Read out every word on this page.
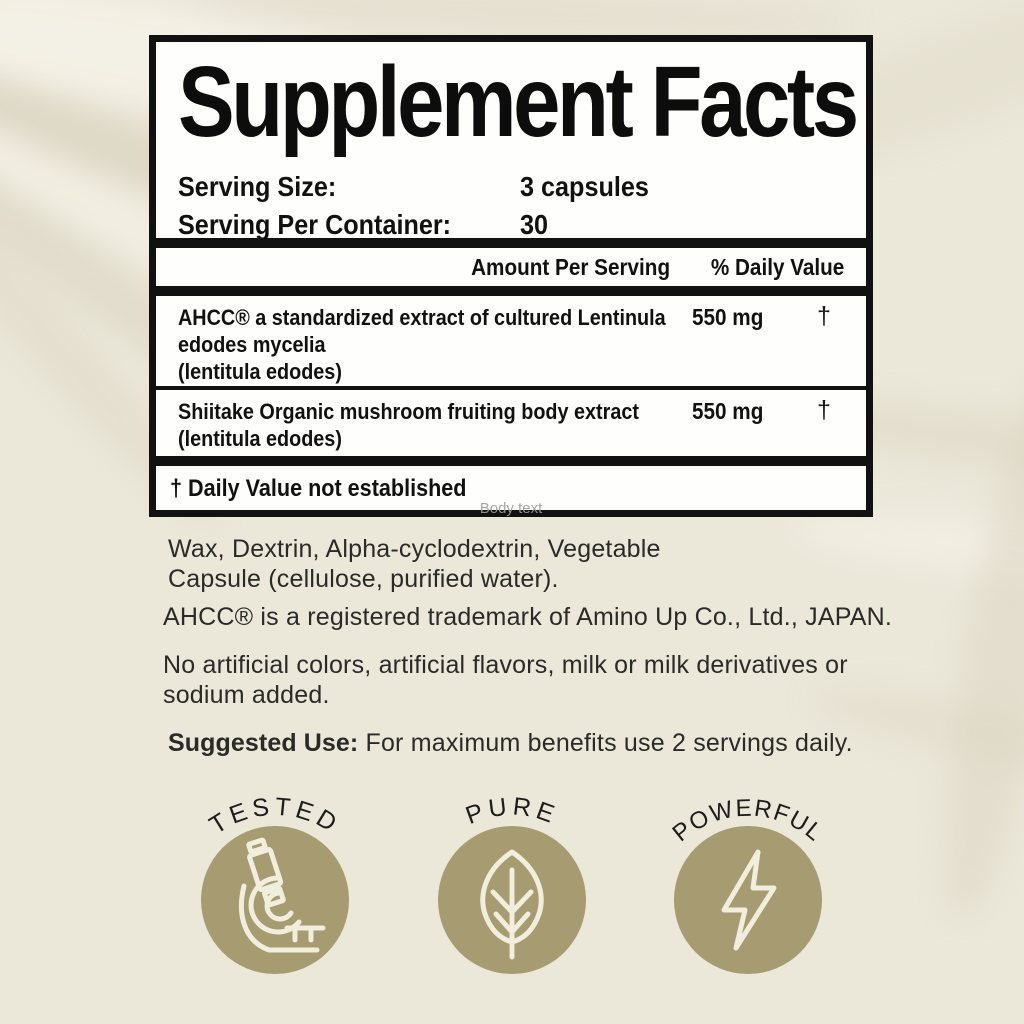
Supplement Facts
Serving Size:	3 capsules
Serving Per Container:	30
Amount Per Serving % Daily Value
AHCC® a standardized extract of cultured Lentinula
edodes mycelia
(lentitula edodes)
550 mg	†
Shiitake Organic mushroom fruiting body extract
(lentitula edodes)
550 mg	†
† Daily Value not established
Body text
Wax, Dextrin, Alpha-cyclodextrin, Vegetable
Capsule (cellulose, purified water).
AHCC® is a registered trademark of Amino Up Co., Ltd., JAPAN.
No artificial colors, artificial flavors, milk or milk derivatives or
sodium added.
Suggested Use: For maximum benefits use 2 servings daily.
TESTED	PURE
POWERFUL
